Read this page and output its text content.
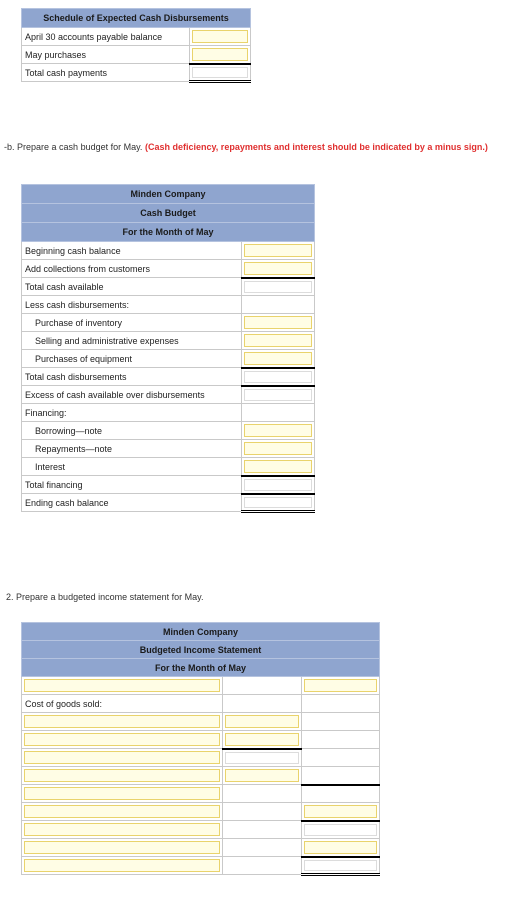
Schedule of Expected Cash Disbursements	
April 30 accounts payable balance	

May purchases	

Total cash payments	
-b. Prepare a cash budget for May. (Cash deficiency, repayments and interest should be indicated by a minus sign.)
Minden Company	
Cash Budget	
For the Month of May	
Beginning cash balance	

Add collections from customers	

Total cash available	

Less cash disbursements:	
Purchase of inventory	

Selling and administrative expenses	

Purchases of equipment	

Total cash disbursements	

Excess of cash available over disbursements	

Financing:	
Borrowing—note	

Repayments—note	

Interest	

Total financing	

Ending cash balance	
2. Prepare a budgeted income statement for May.
Minden Company		
Budgeted Income Statement		
For the Month of May		

Cost of goods sold:		
